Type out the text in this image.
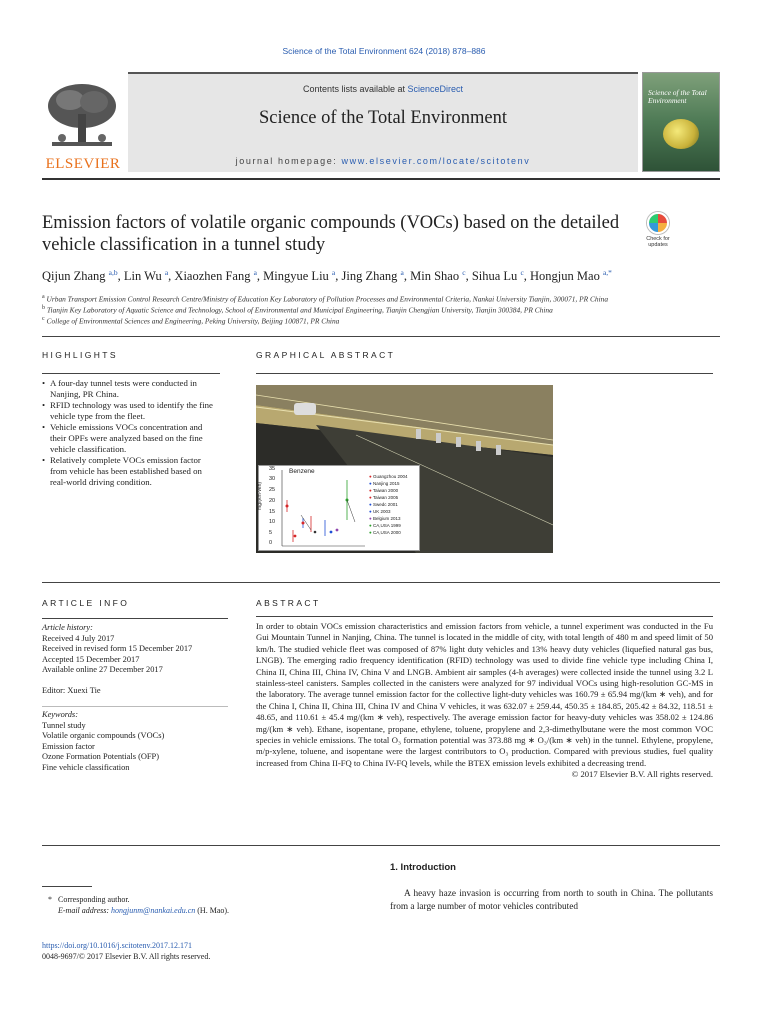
Science of the Total Environment 624 (2018) 878–886
ELSEVIER
Contents lists available at ScienceDirect
Science of the Total Environment
journal homepage: www.elsevier.com/locate/scitotenv
Science of the Total Environment
Emission factors of volatile organic compounds (VOCs) based on the detailed vehicle classification in a tunnel study	Check for updates
Qijun Zhang $^{a,b}$, Lin Wu $^a$, Xiaozhen Fang $^a$, Mingyue Liu $^a$, Jing Zhang $^a$, Min Shao $^c$, Sihua Lu $^c$, Hongjun Mao $^{a,*}$
$^a$ Urban Transport Emission Control Research Centre/Ministry of Education Key Laboratory of Pollution Processes and Environmental Criteria, Nankai University Tianjin, 300071, PR China
$^b$ Tianjin Key Laboratory of Aquatic Science and Technology, School of Environmental and Municipal Engineering, Tianjin Chengjian University, Tianjin 300384, PR China
$^c$ College of Environmental Sciences and Engineering, Peking University, Beijing 100871, PR China
HIGHLIGHTS
• A four-day tunnel tests were conducted in Nanjing, PR China.
• RFID technology was used to identify the fine vehicle type from the fleet.
• Vehicle emissions VOCs concentration and their OPFs were analyzed based on the fine vehicle classification.
• Relatively complete VOCs emission factor from vehicle has been established based on real-world driving condition.
GRAPHICAL ABSTRACT
Benzene
mg/(km·veh)
35
30
25
20
15
10
5
0
● Guangzhou 2004
● Nanjing 2015
● Taiwan 2000
● Taiwan 2005
● Swedc 2001
● UK 2003
● Belgium 2013
● CA,USA 1999
● CA,USA 2000
ARTICLE INFO
Article history:
Received 4 July 2017
Received in revised form 15 December 2017
Accepted 15 December 2017
Available online 27 December 2017
Editor: Xuexi Tie
Keywords:
Tunnel study
Volatile organic compounds (VOCs)
Emission factor
Ozone Formation Potentials (OFP)
Fine vehicle classification
ABSTRACT
In order to obtain VOCs emission characteristics and emission factors from vehicle, a tunnel experiment was conducted in the Fu Gui Mountain Tunnel in Nanjing, China. The tunnel is located in the middle of city, with total length of 480 m and speed limit of 50 km/h. The studied vehicle fleet was composed of 87% light duty vehicles and 13% heavy duty vehicles (liquefied natural gas bus, LNGB). The emerging radio frequency identification (RFID) technology was used to divide fine vehicle type including China I, China II, China III, China IV, China V and LNGB. Ambient air samples (4-h averages) were collected inside the tunnel using 3.2 L stainless-steel canisters. Samples collected in the canisters were analyzed for 97 individual VOCs using high-resolution GC-MS in the laboratory. The average tunnel emission factor for the collective light-duty vehicles was 160.79 ± 65.94 mg/(km ∗ veh), and for the China I, China II, China III, China IV and China V vehicles, it was 632.07 ± 259.44, 450.35 ± 184.85, 205.42 ± 84.32, 118.51 ± 48.65, and 110.61 ± 45.4 mg/(km ∗ veh), respectively. The average emission factor for heavy-duty vehicles was 358.02 ± 124.86 mg/(km ∗ veh). Ethane, isopentane, propane, ethylene, toluene, propylene and 2,3-dimethylbutane were the most common VOC species in vehicle emissions. The total O₃ formation potential was 373.88 mg ∗ O₃/(km ∗ veh) in the tunnel. Ethylene, propylene, m/p-xylene, toluene, and isopentane were the largest contributors to O₃ production. Compared with previous studies, fuel quality increased from China II-FQ to China IV-FQ levels, while the BTEX emission levels exhibited a decreasing trend.
© 2017 Elsevier B.V. All rights reserved.
1. Introduction
A heavy haze invasion is occurring from north to south in China. The pollutants from a large number of motor vehicles contributed
* Corresponding author.
E-mail address: hongjunm@nankai.edu.cn (H. Mao).
https://doi.org/10.1016/j.scitotenv.2017.12.171
0048-9697/© 2017 Elsevier B.V. All rights reserved.
